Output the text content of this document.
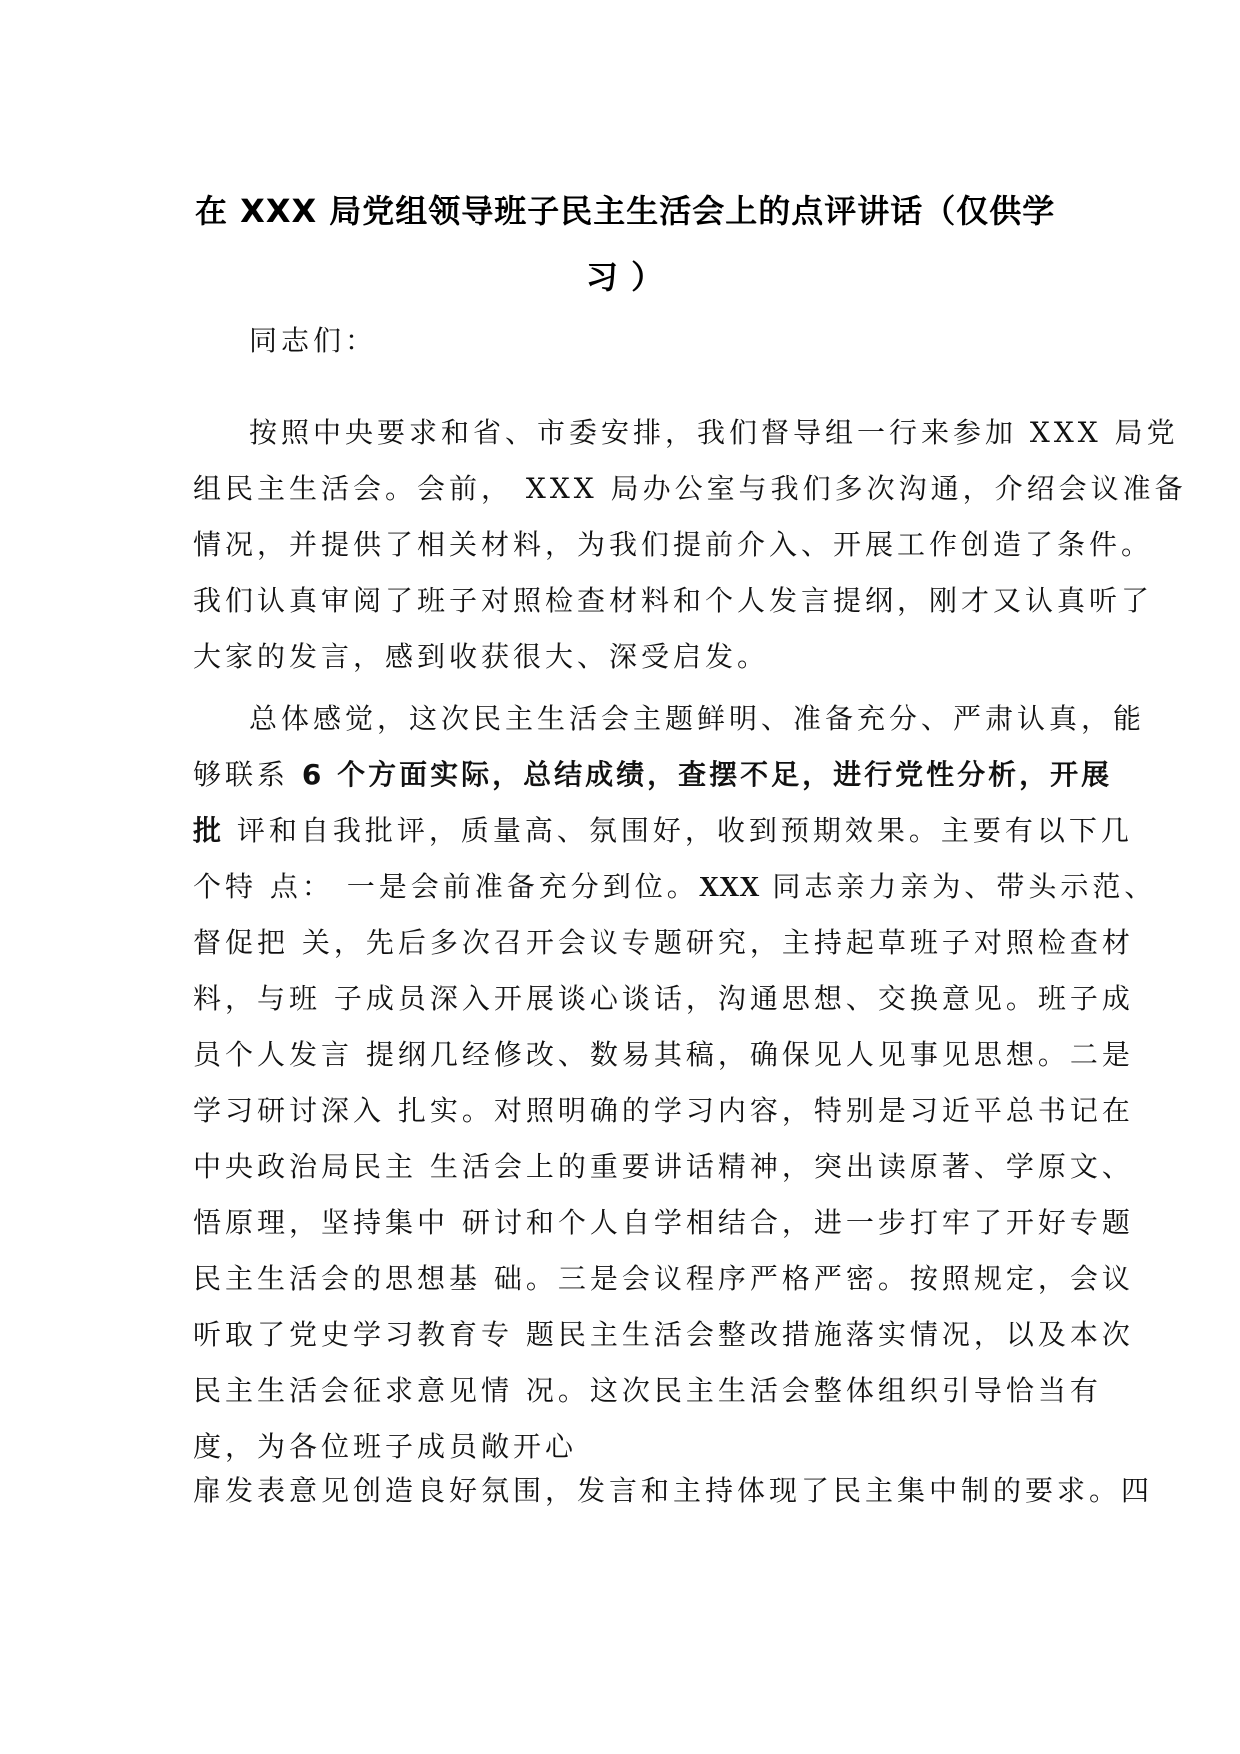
在 XXX 局党组领导班子民主生活会上的点评讲话（仅供学
习 ）
同志们：
按照中央要求和省、市委安排，我们督导组一行来参加 XXX 局党
组民主生活会。会前， XXX 局办公室与我们多次沟通，介绍会议准备
情况，并提供了相关材料，为我们提前介入、开展工作创造了条件。
我们认真审阅了班子对照检查材料和个人发言提纲，刚才又认真听了
大家的发言，感到收获很大、深受启发。
总体感觉，这次民主生活会主题鲜明、准备充分、严肃认真，能
够联系 6 个方面实际，总结成绩，查摆不足，进行党性分析，开展
批 评和自我批评，质量高、氛围好，收到预期效果。主要有以下几
个特 点： 一是会前准备充分到位。XXX 同志亲力亲为、带头示范、
督促把 关，先后多次召开会议专题研究，主持起草班子对照检查材
料，与班 子成员深入开展谈心谈话，沟通思想、交换意见。班子成
员个人发言 提纲几经修改、数易其稿，确保见人见事见思想。二是
学习研讨深入 扎实。对照明确的学习内容，特别是习近平总书记在
中央政治局民主 生活会上的重要讲话精神，突出读原著、学原文、
悟原理，坚持集中 研讨和个人自学相结合，进一步打牢了开好专题
民主生活会的思想基 础。三是会议程序严格严密。按照规定，会议
听取了党史学习教育专 题民主生活会整改措施落实情况，以及本次
民主生活会征求意见情 况。这次民主生活会整体组织引导恰当有
度，为各位班子成员敞开心
扉发表意见创造良好氛围，发言和主持体现了民主集中制的要求。四
